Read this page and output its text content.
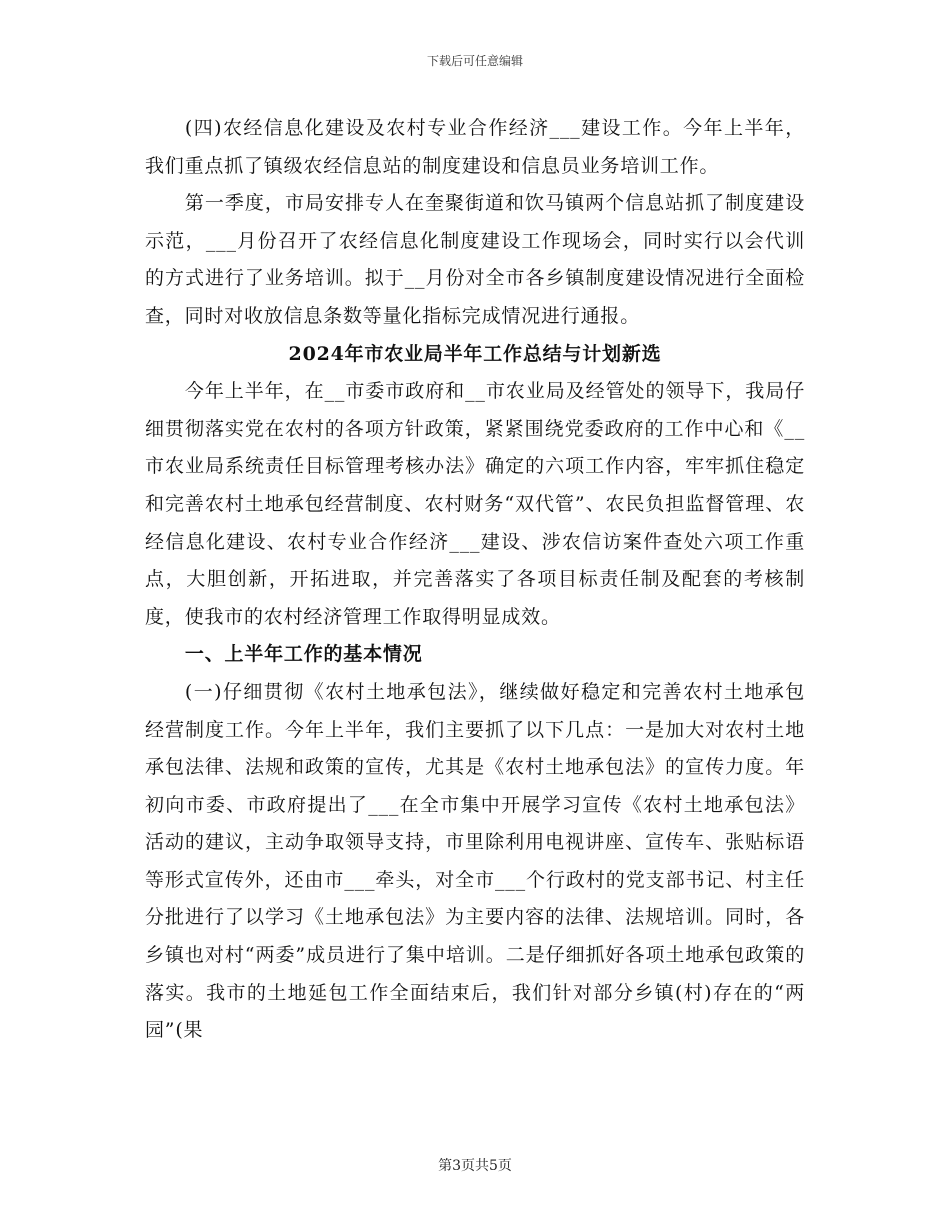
下载后可任意编辑

(四)农经信息化建设及农村专业合作经济___建设工作。今年上半年，我们重点抓了镇级农经信息站的制度建设和信息员业务培训工作。

第一季度，市局安排专人在奎聚街道和饮马镇两个信息站抓了制度建设示范，___月份召开了农经信息化制度建设工作现场会，同时实行以会代训的方式进行了业务培训。拟于__月份对全市各乡镇制度建设情况进行全面检查，同时对收放信息条数等量化指标完成情况进行通报。

2024年市农业局半年工作总结与计划新选

今年上半年，在__市委市政府和__市农业局及经管处的领导下，我局仔细贯彻落实党在农村的各项方针政策，紧紧围绕党委政府的工作中心和《__市农业局系统责任目标管理考核办法》确定的六项工作内容，牢牢抓住稳定和完善农村土地承包经营制度、农村财务“双代管”、农民负担监督管理、农经信息化建设、农村专业合作经济___建设、涉农信访案件查处六项工作重点，大胆创新，开拓进取，并完善落实了各项目标责任制及配套的考核制度，使我市的农村经济管理工作取得明显成效。

一、上半年工作的基本情况

(一)仔细贯彻《农村土地承包法》，继续做好稳定和完善农村土地承包经营制度工作。今年上半年，我们主要抓了以下几点：一是加大对农村土地承包法律、法规和政策的宣传，尤其是《农村土地承包法》的宣传力度。年初向市委、市政府提出了___在全市集中开展学习宣传《农村土地承包法》活动的建议，主动争取领导支持，市里除利用电视讲座、宣传车、张贴标语等形式宣传外，还由市___牵头，对全市___个行政村的党支部书记、村主任分批进行了以学习《土地承包法》为主要内容的法律、法规培训。同时，各乡镇也对村“两委”成员进行了集中培训。二是仔细抓好各项土地承包政策的落实。我市的土地延包工作全面结束后，我们针对部分乡镇(村)存在的“两园”(果

第3页共5页
